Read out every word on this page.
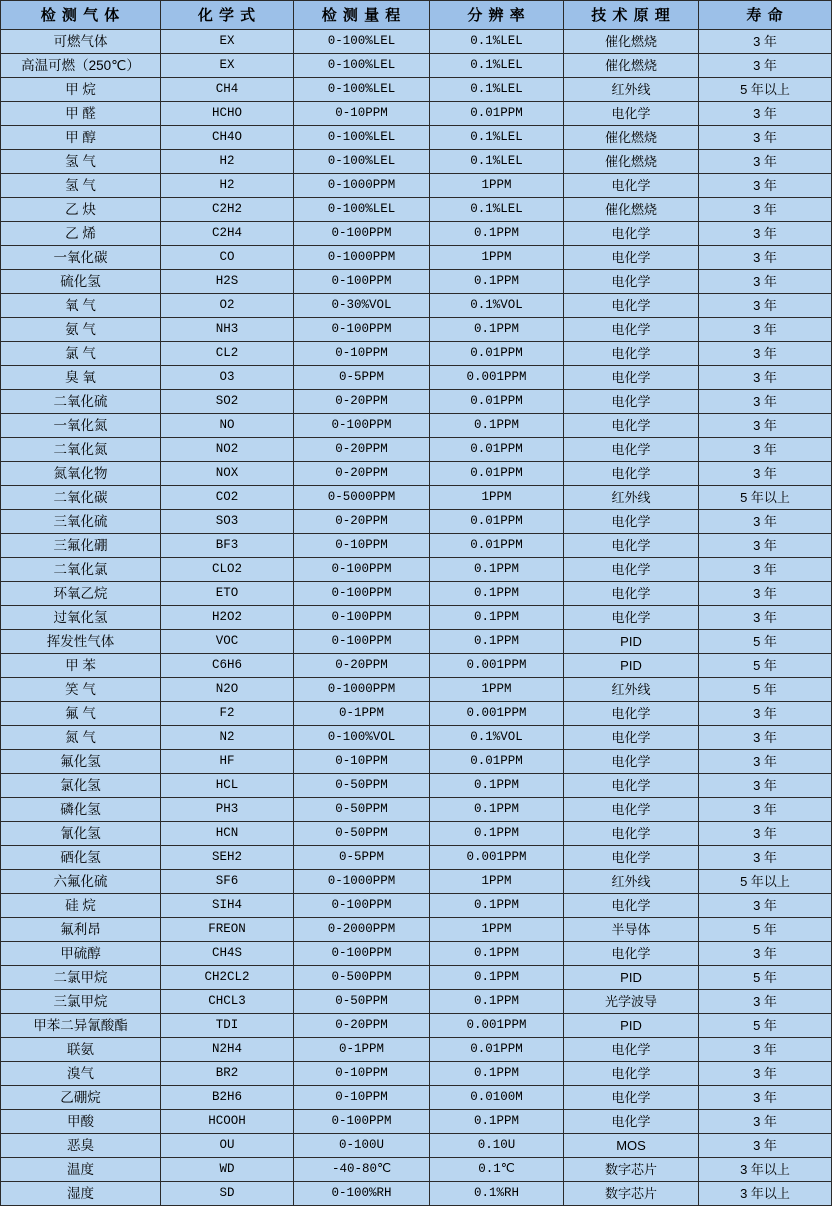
检 测 气 体	化 学 式	检 测 量 程	分 辨 率	技 术 原 理	寿 命
可燃气体	EX	0-100%LEL	0.1%LEL	催化燃烧	3 年
高温可燃（250℃）	EX	0-100%LEL	0.1%LEL	催化燃烧	3 年
甲 烷	CH4	0-100%LEL	0.1%LEL	红外线	5 年以上
甲 醛	HCHO	0-10PPM	0.01PPM	电化学	3 年
甲 醇	CH4O	0-100%LEL	0.1%LEL	催化燃烧	3 年
氢 气	H2	0-100%LEL	0.1%LEL	催化燃烧	3 年
氢 气	H2	0-1000PPM	1PPM	电化学	3 年
乙 炔	C2H2	0-100%LEL	0.1%LEL	催化燃烧	3 年
乙 烯	C2H4	0-100PPM	0.1PPM	电化学	3 年
一氧化碳	CO	0-1000PPM	1PPM	电化学	3 年
硫化氢	H2S	0-100PPM	0.1PPM	电化学	3 年
氧 气	O2	0-30%VOL	0.1%VOL	电化学	3 年
氨 气	NH3	0-100PPM	0.1PPM	电化学	3 年
氯 气	CL2	0-10PPM	0.01PPM	电化学	3 年
臭 氧	O3	0-5PPM	0.001PPM	电化学	3 年
二氧化硫	SO2	0-20PPM	0.01PPM	电化学	3 年
一氧化氮	NO	0-100PPM	0.1PPM	电化学	3 年
二氧化氮	NO2	0-20PPM	0.01PPM	电化学	3 年
氮氧化物	NOX	0-20PPM	0.01PPM	电化学	3 年
二氧化碳	CO2	0-5000PPM	1PPM	红外线	5 年以上
三氧化硫	SO3	0-20PPM	0.01PPM	电化学	3 年
三氟化硼	BF3	0-10PPM	0.01PPM	电化学	3 年
二氧化氯	CLO2	0-100PPM	0.1PPM	电化学	3 年
环氧乙烷	ETO	0-100PPM	0.1PPM	电化学	3 年
过氧化氢	H2O2	0-100PPM	0.1PPM	电化学	3 年
挥发性气体	VOC	0-100PPM	0.1PPM	PID	5 年
甲 苯	C6H6	0-20PPM	0.001PPM	PID	5 年
笑 气	N2O	0-1000PPM	1PPM	红外线	5 年
氟 气	F2	0-1PPM	0.001PPM	电化学	3 年
氮 气	N2	0-100%VOL	0.1%VOL	电化学	3 年
氟化氢	HF	0-10PPM	0.01PPM	电化学	3 年
氯化氢	HCL	0-50PPM	0.1PPM	电化学	3 年
磷化氢	PH3	0-50PPM	0.1PPM	电化学	3 年
氰化氢	HCN	0-50PPM	0.1PPM	电化学	3 年
硒化氢	SEH2	0-5PPM	0.001PPM	电化学	3 年
六氟化硫	SF6	0-1000PPM	1PPM	红外线	5 年以上
硅 烷	SIH4	0-100PPM	0.1PPM	电化学	3 年
氟利昂	FREON	0-2000PPM	1PPM	半导体	5 年
甲硫醇	CH4S	0-100PPM	0.1PPM	电化学	3 年
二氯甲烷	CH2CL2	0-500PPM	0.1PPM	PID	5 年
三氯甲烷	CHCL3	0-50PPM	0.1PPM	光学波导	3 年
甲苯二异氰酸酯	TDI	0-20PPM	0.001PPM	PID	5 年
联氨	N2H4	0-1PPM	0.01PPM	电化学	3 年
溴气	BR2	0-10PPM	0.1PPM	电化学	3 年
乙硼烷	B2H6	0-10PPM	0.0100M	电化学	3 年
甲酸	HCOOH	0-100PPM	0.1PPM	电化学	3 年
恶臭	OU	0-100U	0.10U	MOS	3 年
温度	WD	-40-80℃	0.1℃	数字芯片	3 年以上
湿度	SD	0-100%RH	0.1%RH	数字芯片	3 年以上
